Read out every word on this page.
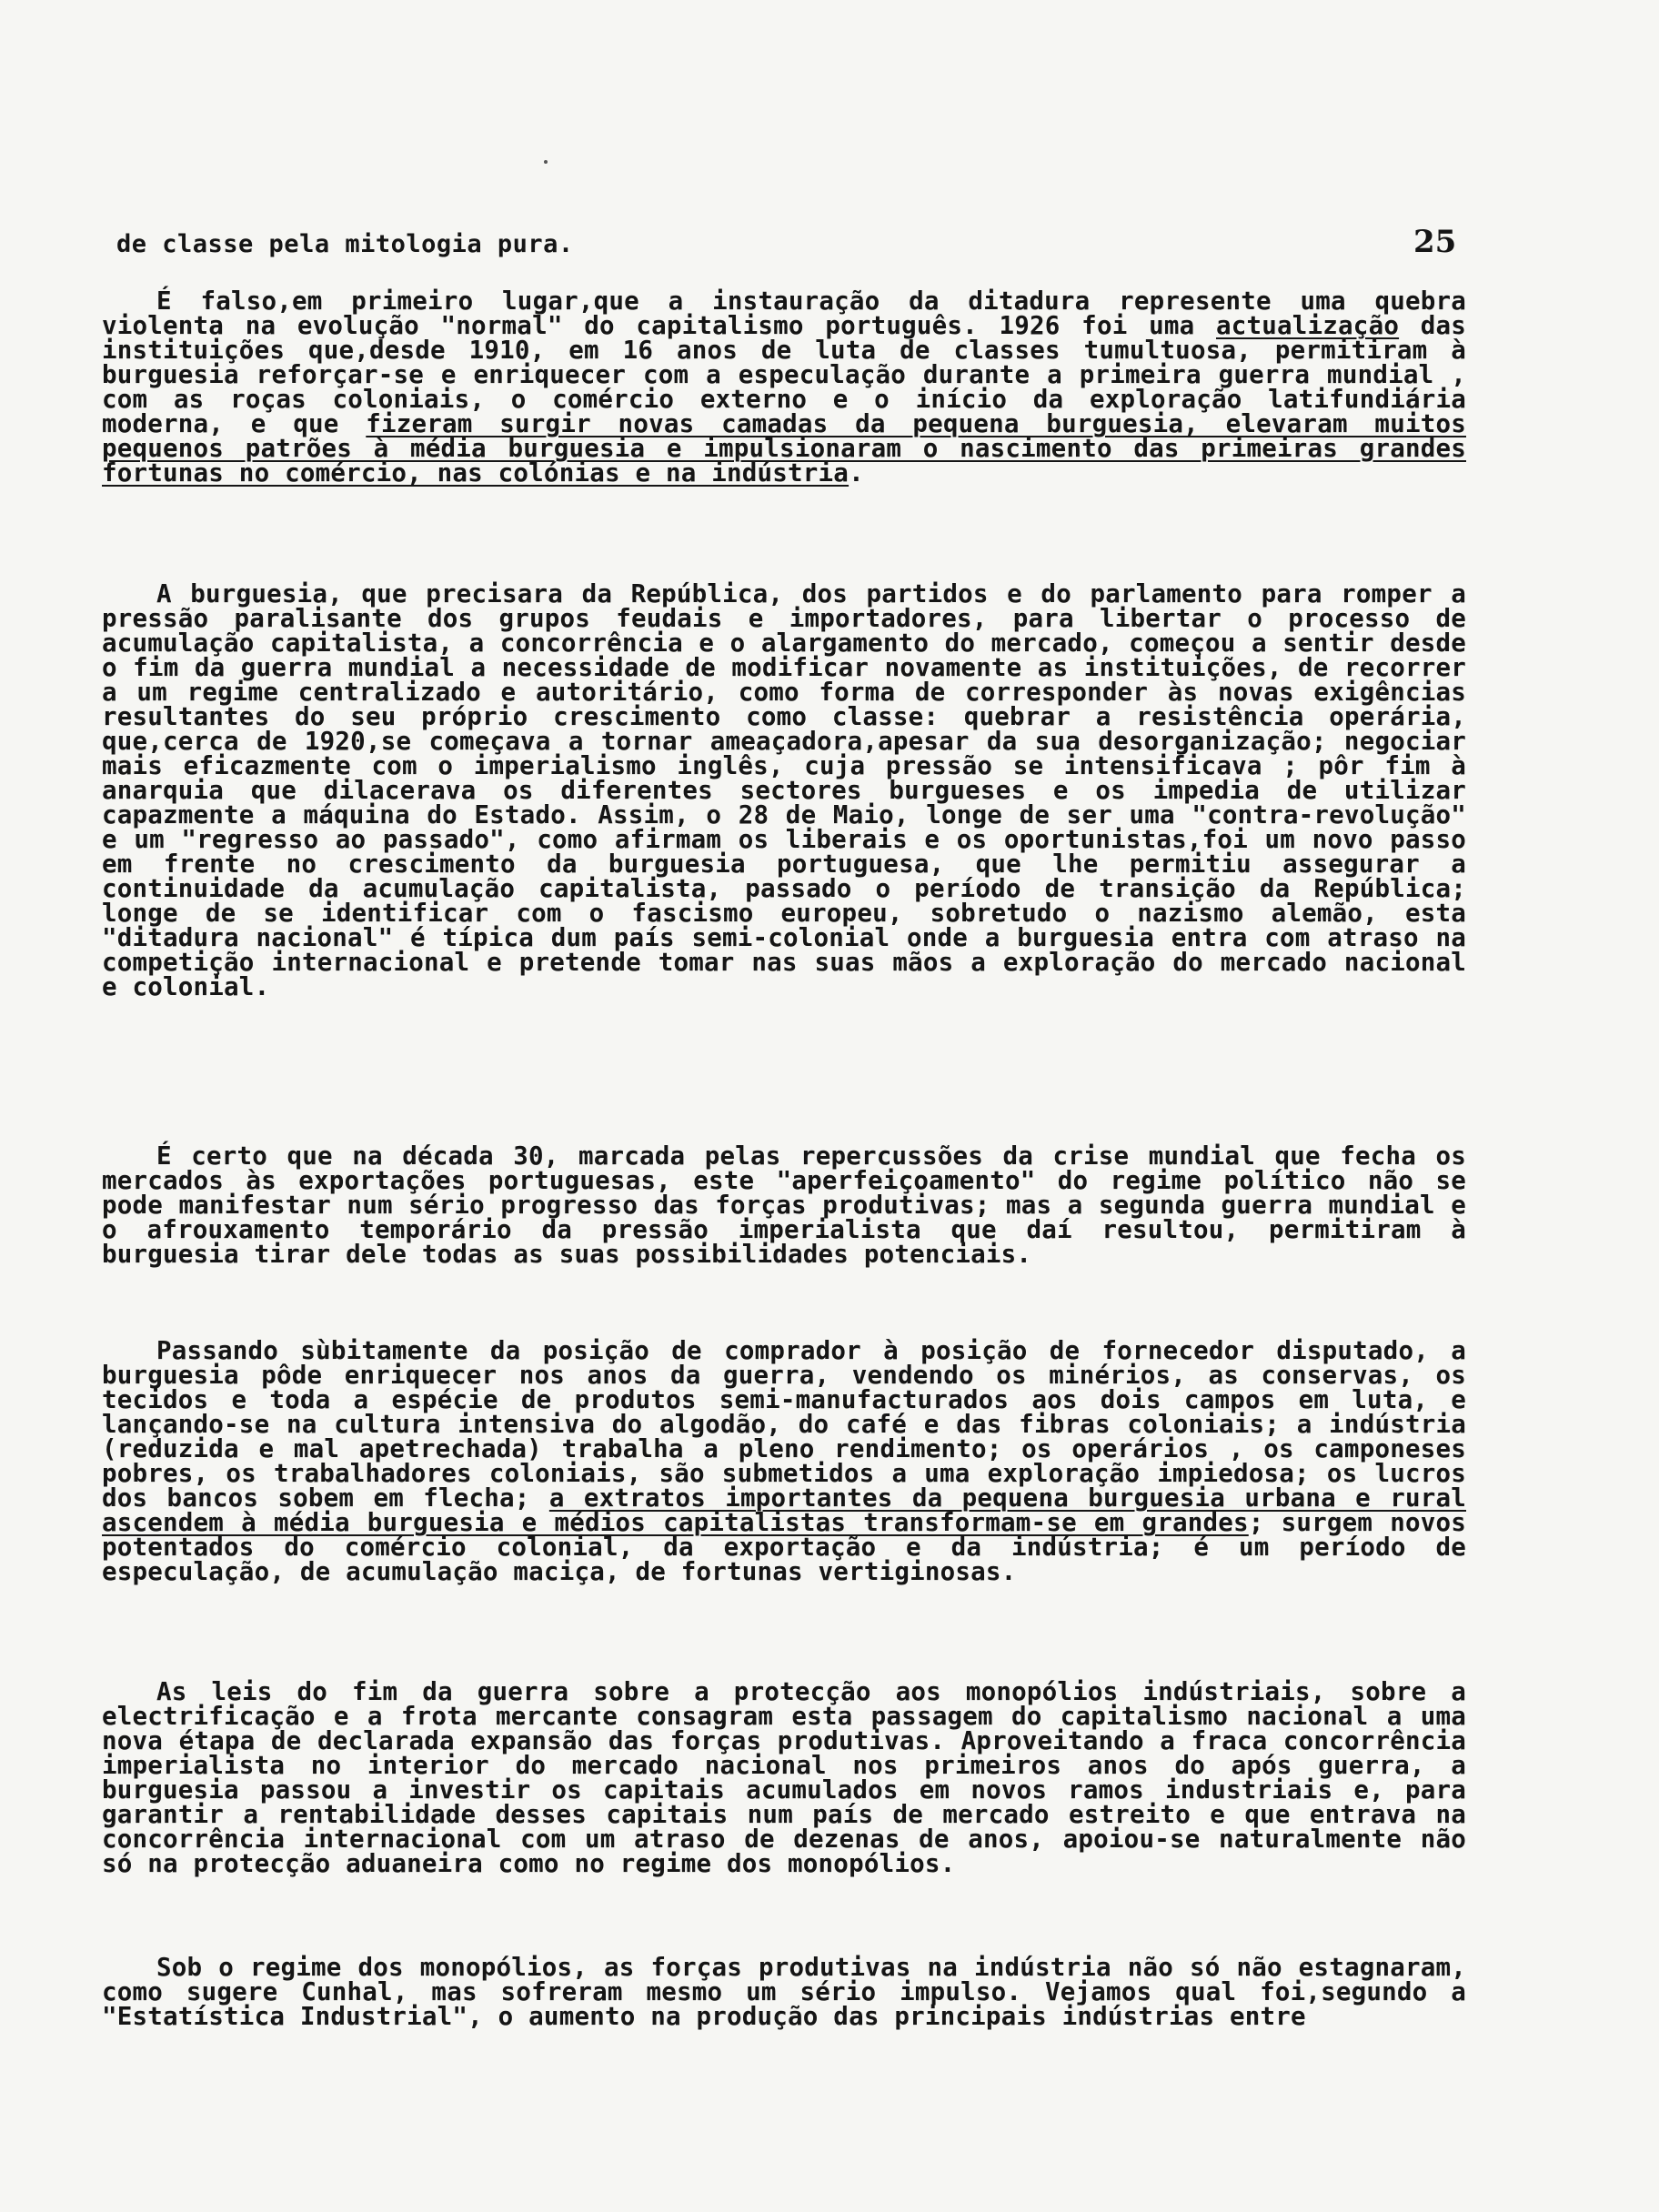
de classe pela mitologia pura.	25

É falso,em primeiro lugar,que a instauração da ditadura represente uma quebra violenta na evolução "normal" do capitalismo português. 1926 foi uma actualização das instituições que,desde 1910, em 16 anos de luta de classes tumultuosa, permitiram à burguesia reforçar-se e enriquecer com a especulação durante a primeira guerra mundial , com as roças coloniais, o comércio externo e o início da exploração latifundiária moderna, e que fizeram surgir novas camadas da pequena burguesia, elevaram muitos pequenos patrões à média burguesia e impulsionaram o nascimento das primeiras grandes fortunas no comércio, nas colónias e na indústria.

A burguesia, que precisara da República, dos partidos e do parlamento para romper a pressão paralisante dos grupos feudais e importadores, para libertar o processo de acumulação capitalista, a concorrência e o alargamento do mercado, começou a sentir desde o fim da guerra mundial a necessidade de modificar novamente as instituições, de recorrer a um regime centralizado e autoritário, como forma de corresponder às novas exigências resultantes do seu próprio crescimento como classe: quebrar a resistência operária, que,cerca de 1920,se começava a tornar ameaçadora,apesar da sua desorganização; negociar mais eficazmente com o imperialismo inglês, cuja pressão se intensificava ; pôr fim à anarquia que dilacerava os diferentes sectores burgueses e os impedia de utilizar capazmente a máquina do Estado. Assim, o 28 de Maio, longe de ser uma "contra-revolução" e um "regresso ao passado", como afirmam os liberais e os oportunistas,foi um novo passo em frente no crescimento da burguesia portuguesa, que lhe permitiu assegurar a continuidade da acumulação capitalista, passado o período de transição da República; longe de se identificar com o fascismo europeu, sobretudo o nazismo alemão, esta "ditadura nacional" é típica dum país semi-colonial onde a burguesia entra com atraso na competição internacional e pretende tomar nas suas mãos a exploração do mercado nacional e colonial.

É certo que na década 30, marcada pelas repercussões da crise mundial que fecha os mercados às exportações portuguesas, este "aperfeiçoamento" do regime político não se pode manifestar num sério progresso das forças produtivas; mas a segunda guerra mundial e o afrouxamento temporário da pressão imperialista que daí resultou, permitiram à burguesia tirar dele todas as suas possibilidades potenciais.

Passando sùbitamente da posição de comprador à posição de fornecedor disputado, a burguesia pôde enriquecer nos anos da guerra, vendendo os minérios, as conservas, os tecidos e toda a espécie de produtos semi-manufacturados aos dois campos em luta, e lançando-se na cultura intensiva do algodão, do café e das fibras coloniais; a indústria (reduzida e mal apetrechada) trabalha a pleno rendimento; os operários , os camponeses pobres, os trabalhadores coloniais, são submetidos a uma exploração impiedosa; os lucros dos bancos sobem em flecha; a extratos importantes da pequena burguesia urbana e rural ascendem à média burguesia e médios capitalistas transformam-se em grandes; surgem novos potentados do comércio colonial, da exportação e da indústria; é um período de especulação, de acumulação maciça, de fortunas vertiginosas.

As leis do fim da guerra sobre a protecção aos monopólios indústriais, sobre a electrificação e a frota mercante consagram esta passagem do capitalismo nacional a uma nova étapa de declarada expansão das forças produtivas. Aproveitando a fraca concorrência imperialista no interior do mercado nacional nos primeiros anos do após guerra, a burguesia passou a investir os capitais acumulados em novos ramos industriais e, para garantir a rentabilidade desses capitais num país de mercado estreito e que entrava na concorrência internacional com um atraso de dezenas de anos, apoiou-se naturalmente não só na protecção aduaneira como no regime dos monopólios.

Sob o regime dos monopólios, as forças produtivas na indústria não só não estagnaram, como sugere Cunhal, mas sofreram mesmo um sério impulso. Vejamos qual foi,segundo a "Estatística Industrial", o aumento na produção das principais indústrias entre
